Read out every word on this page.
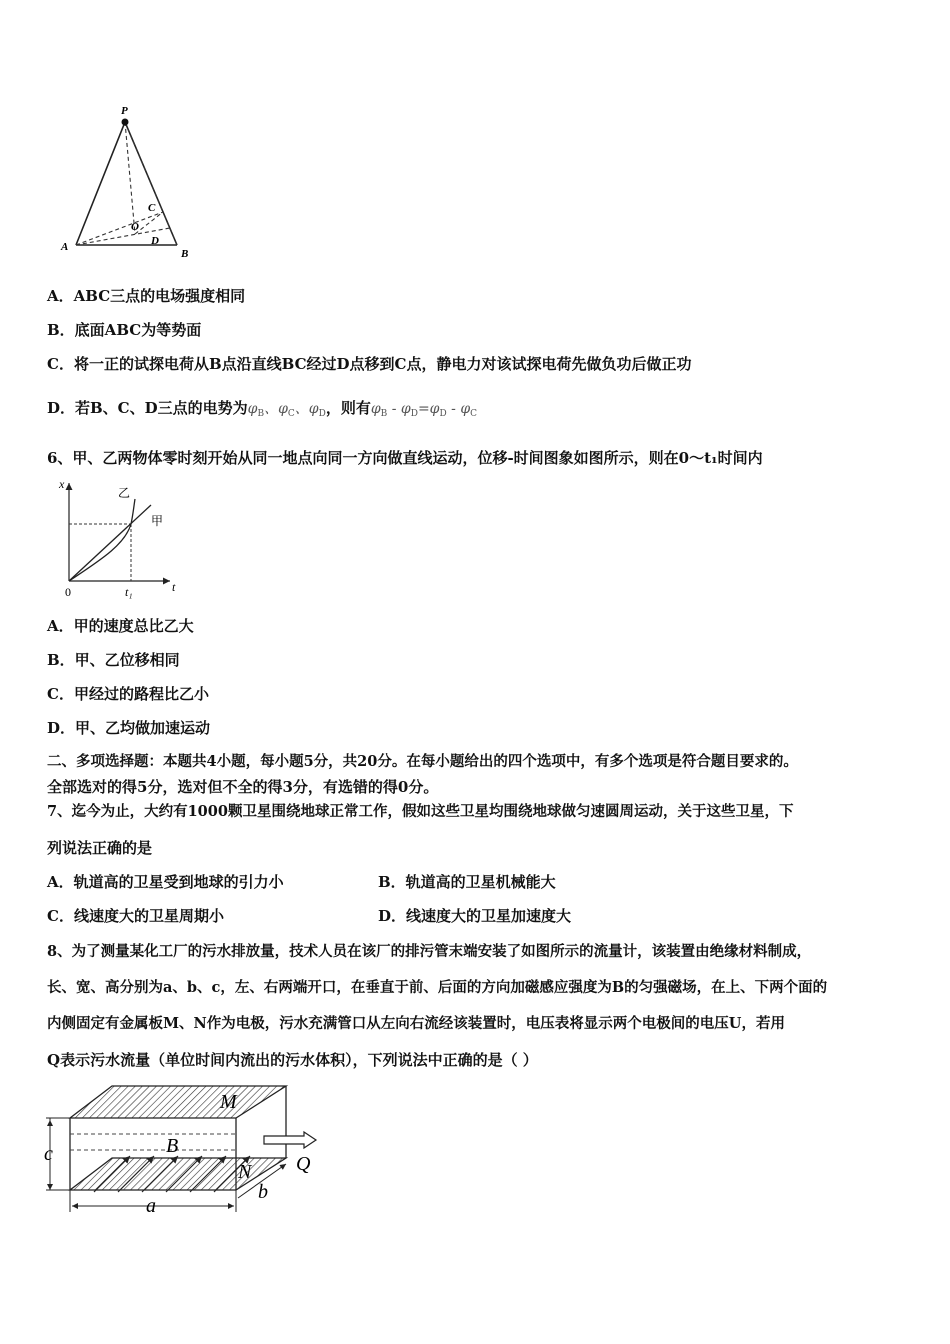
P
A
B
C
O
D
A．ABC三点的电场强度相同
B．底面ABC为等势面
C．将一正的试探电荷从B点沿直线BC经过D点移到C点，静电力对该试探电荷先做负功后做正功
D．若B、C、D三点的电势为$\varphi_B$、$\varphi_C$、$\varphi_D$，则有$\varphi_B - \varphi_D=\varphi_D - \varphi_C$
6、甲、乙两物体零时刻开始从同一地点向同一方向做直线运动，位移-时间图象如图所示，则在0～t₁时间内
x
t
0	t₁
乙
甲
A．甲的速度总比乙大
B．甲、乙位移相同
C．甲经过的路程比乙小
D．甲、乙均做加速运动
二、多项选择题：本题共4小题，每小题5分，共20分。在每小题给出的四个选项中，有多个选项是符合题目要求的。
全部选对的得5分，选对但不全的得3分，有选错的得0分。
7、迄今为止，大约有1000颗卫星围绕地球正常工作，假如这些卫星均围绕地球做匀速圆周运动，关于这些卫星，下
列说法正确的是
A．轨道高的卫星受到地球的引力小	B．轨道高的卫星机械能大
C．线速度大的卫星周期小	D．线速度大的卫星加速度大
8、为了测量某化工厂的污水排放量，技术人员在该厂的排污管末端安装了如图所示的流量计，该装置由绝缘材料制成，
长、宽、高分别为a、b、c，左、右两端开口，在垂直于前、后面的方向加磁感应强度为B的匀强磁场，在上、下两个面的
内侧固定有金属板M、N作为电极，污水充满管口从左向右流经该装置时，电压表将显示两个电极间的电压U，若用
Q表示污水流量（单位时间内流出的污水体积），下列说法中正确的是（ ）
M
N
B
Q
a
b
c
